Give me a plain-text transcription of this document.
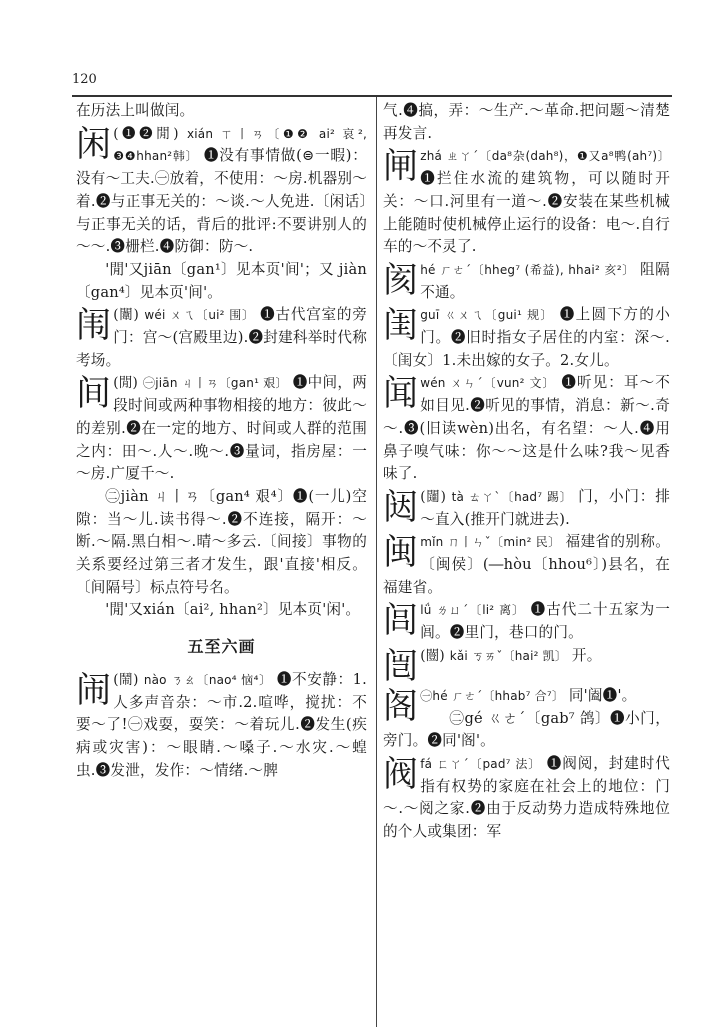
120

在历法上叫做闰。

闲 (❶❷閒) xián ㄒ丨ㄢ〔❶❷ ai² 哀², ❸❹hhan²韩〕 ❶没有事情做(⊜一暇)：没有～工夫.㊀放着，不使用：～房.机器别～着.❷与正事无关的：～谈.～人免进.〔闲话〕与正事无关的话，背后的批评:不要讲别人的～～.❸栅栏.❹防御：防～.

'閒'又jiān〔gan¹〕见本页'间'；又 jiàn〔gan⁴〕见本页'间'。

闱 (闈) wéi ㄨㄟ〔ui² 围〕 ❶古代宫室的旁门：宫～(宫殿里边).❷封建科举时代称考场。
间 (閒) ㊀jiān ㄐ丨ㄢ〔gan¹ 艰〕 ❶中间，两段时间或两种事物相接的地方：彼此～的差别.❷在一定的地方、时间或人群的范围之内：田～.人～.晚～.❸量词，指房屋：一～房.广厦千～.

㊁jiàn ㄐ丨ㄢ〔gan⁴ 艰⁴〕❶(一儿)空隙：当～儿.读书得～.❷不连接，隔开：～断.～隔.黑白相～.晴～多云.〔间接〕事物的关系要经过第三者才发生，跟'直接'相反。〔间隔号〕标点符号名。

'閒'又xián〔ai², hhan²〕见本页'闲'。

五至六画
闹 (鬧) nào ㄋㄠ〔nao⁴ 恼⁴〕 ❶不安静：1.人多声音杂：～市.2.喧哗，搅扰：不要～了!㊀戏耍，耍笑：～着玩儿.❷发生(疾病或灾害)：～眼睛.～嗓子.～水灾.～蝗虫.❸发泄，发作：～情绪.～脾

气.❹搞，弄：～生产.～革命.把问题～清楚再发言.

闸 zhá ㄓㄚˊ〔da⁸杂(dah⁸)，❶又a⁸鸭(ah⁷)〕 ❶拦住水流的建筑物，可以随时开关：～口.河里有一道～.❷安装在某些机械上能随时使机械停止运行的设备：电～.自行车的～不灵了.
阂 hé ㄏㄜˊ〔hheg⁷ (希益), hhai² 亥²〕 阻隔不通。
闺 guī ㄍㄨㄟ〔gui¹ 规〕 ❶上圆下方的小门。❷旧时指女子居住的内室：深～.〔闺女〕1.未出嫁的女子。2.女儿。
闻 wén ㄨㄣˊ〔vun² 文〕 ❶听见：耳～不如目见.❷听见的事情，消息：新～.奇～.❸(旧读wèn)出名，有名望：～人.❹用鼻子嗅气味：你～～这是什么味?我～见香味了.
闼 (闥) tà ㄊㄚˋ〔had⁷ 踢〕 门，小门：排～直入(推开门就进去).
闽 mǐn ㄇ丨ㄣˇ〔min² 民〕 福建省的别称。〔闽侯〕(―hòu〔hhou⁶〕)县名，在福建省。
闾 lǘ ㄌㄩˊ〔li² 离〕 ❶古代二十五家为一闾。❷里门，巷口的门。
闿 (闓) kǎi ㄎㄞˇ〔hai² 凯〕 开。
阁 ㊀hé ㄏㄜˊ〔hhab⁷ 合⁷〕 同'阖❶'。

㊁gé ㄍㄜˊ〔gab⁷ 鸽〕❶小门，旁门。❷同'阁'。

阀 fá ㄈㄚˊ〔pad⁷ 法〕 ❶阀阅，封建时代指有权势的家庭在社会上的地位：门～.～阅之家.❷由于反动势力造成特殊地位的个人或集团：军
